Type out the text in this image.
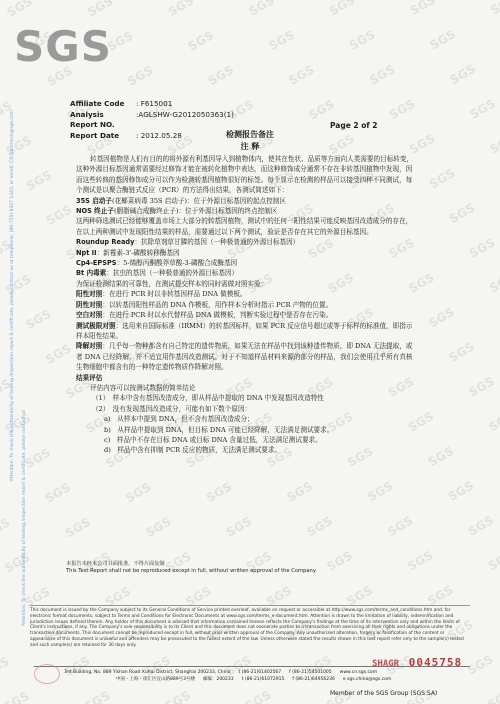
SGS
Attention: To check the authenticity of testing /inspection report & certificate, please contact us at telephone: (86-755) 8307 1443, or email: CN.Doccheck@sgs.com
Attention: To check the authenticity of testing /inspection report & certificate, please contact us
Affiliate Code	: F615001
Analysis Report NO.
:AGLSHW-G2012050363(1)
Report Date	: 2012.05.28
Page 2 of 2
检测报告备注
注 释

转基因植物是人们有目的的将外源有利基因导入到植物体内，使其在性状、品质等方面向人类需要的目标转变，这种外源目标基因通常需要经过修饰才能在被转化植物中表达，而这种修饰成分通常不存在非转基因植物中发现，因而这些转修的基因修饰成分可以作为检测转基因植物很好的标签。每个显示在检测的样品可以接受四种不同测试，每个测试是以聚合酶链式反应（PCR）的方法得出结果，各测试简述如下：

35S 启动子(花椰菜病毒 35S 启动子)：位于外源目标基因的起点控制区

NOS 终止子(胭脂碱合成酶终止子)：位于外源目标基因的终点控制区

这两种筛选测试已经能够覆盖市场上大部分的转基因植物，测试中的任何一阳性结果可能反映基因改造成分的存在，在以上两种测试中发现阳性结果的样品，需要通过以下两个测试，验证是否存在其它的外源目标基因。

Roundup Ready：抗除草剂草甘膦的基因（一种极普通的外源目标基因）

Npt II：新霉素-3'-磷酸转移酶基因

Cp4-EPSPS：5-烯醇丙酮酸莽草酸-3-磷酸合成酶基因

Bt 内毒素：抗虫的基因（一种极普通的外源目标基因）

为保证检测结果的可靠性，在测试提交样本的同时需做对照实验：

阳性对照：在进行 PCR 时以非转基因样品 DNA 做模板。

阴性对照：以转基因阳性样品的 DNA 作模板，用作样本分析时指示 PCR 产物的位置。

空白对照：在进行 PCR 时以水代替样品 DNA 做模板，判断实验过程中是否存在污染。

测试极限对照：选用来自国际标准（IRMM）的转基因标样，如果 PCR 反应信号超过或等于标样的标准值，即指示样本阳性结果。

降解对照：几乎每一物种都含有自己特定的遗传物质，如果无法在样品中找到该种遗传物质，即 DNA 无法提取，或者 DNA 已经降解，并不适宜用作基因改造测试。对于不知道样品材料来源的部分的样品，我们会使用几乎所有真核生物细胞中都含有的一种特定遗传物质作降解对照。

结果评估

评估内容可以按测试数据的简单结论

（1）　样本中含有基因改造成分，即从样品中提取的 DNA 中发现基因改造特性

（2）　没有发现基因改造成分，可能有如下数个原因：

a)　从样本中提到 DNA，但不含有基因改造成分；

b)　从样品中提取到 DNA，但目标 DNA 可能已经降解，无法满足测试要求。

c)　样品中不存在目标 DNA 或目标 DNA 含量过低，无法满足测试要求。

d)　样品中含有抑制 PCR 反应的物质，无法满足测试要求。

本报告未经本公司书面批准，不得片面复制
This Test Report shall not be reproduced except in full, without written approval of the Company.
This document is issued by the Company subject to its General Conditions of Service printed overleaf, available on request or accessible at http://www.sgs.com/terms_and_conditions.htm and, for electronic format documents, subject to Terms and Conditions for Electronic Documents at www.sgs.com/terms_e-document.htm. Attention is drawn to the limitation of liability, indemnification and jurisdiction issues defined therein. Any holder of this document is advised that information contained hereon reflects the Company's findings at the time of its intervention only and within the limits of Client's instructions, if any. The Company's sole responsibility is to its Client and this document does not exonerate parties to a transaction from exercising all their rights and obligations under the transaction documents. This document cannot be reproduced except in full, without prior written approval of the Company. Any unauthorized alteration, forgery or falsification of the content or appearance of this document is unlawful and offenders may be prosecuted to the fullest extent of the law. Unless otherwise stated the results shown in this test report refer only to the sample(s) tested and such sample(s) are retained for 30 days only.
SHAGR 0045758
3rd Building, No. 889 Yishan Road Xuhui District, Shanghai 200233, China t (86-21)61402567 f (86-21)54501005 www.cn.sgs.com
中国・上海・徐汇区宜山路889号3号楼 邮编：200233 t (86-21)61072915 f (86-21)64956236 e sgs.china@sgs.com
Member of the SGS Group (SGS SA)
